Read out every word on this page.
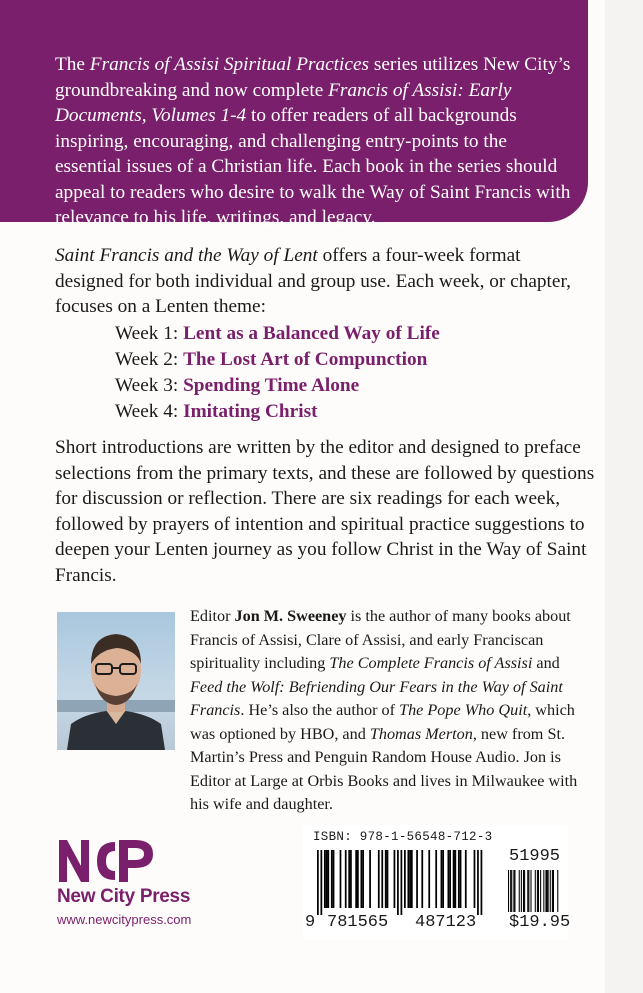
The Francis of Assisi Spiritual Practices series utilizes New City’s groundbreaking and now complete Francis of Assisi: Early Documents, Volumes 1-4 to offer readers of all backgrounds inspiring, encouraging, and challenging entry-points to the essential issues of a Christian life. Each book in the series should appeal to readers who desire to walk the Way of Saint Francis with relevance to his life, writings, and legacy.

Saint Francis and the Way of Lent offers a four-week format designed for both individual and group use. Each week, or chapter, focuses on a Lenten theme:

Week 1: Lent as a Balanced Way of Life
Week 2: The Lost Art of Compunction
Week 3: Spending Time Alone
Week 4: Imitating Christ

Short introductions are written by the editor and designed to preface selections from the primary texts, and these are followed by questions for discussion or reflection. There are six readings for each week, followed by prayers of intention and spiritual practice suggestions to deepen your Lenten journey as you follow Christ in the Way of Saint Francis.

Editor Jon M. Sweeney is the author of many books about Francis of Assisi, Clare of Assisi, and early Franciscan spirituality including The Complete Francis of Assisi and Feed the Wolf: Befriending Our Fears in the Way of Saint Francis. He’s also the author of The Pope Who Quit, which was optioned by HBO, and Thomas Merton, new from St. Martin’s Press and Penguin Random House Audio. Jon is Editor at Large at Orbis Books and lives in Milwaukee with his wife and daughter.

New City Press
www.newcitypress.com
ISBN: 978-1-56548-712-3
9 781565 487123
51995
$19.95
